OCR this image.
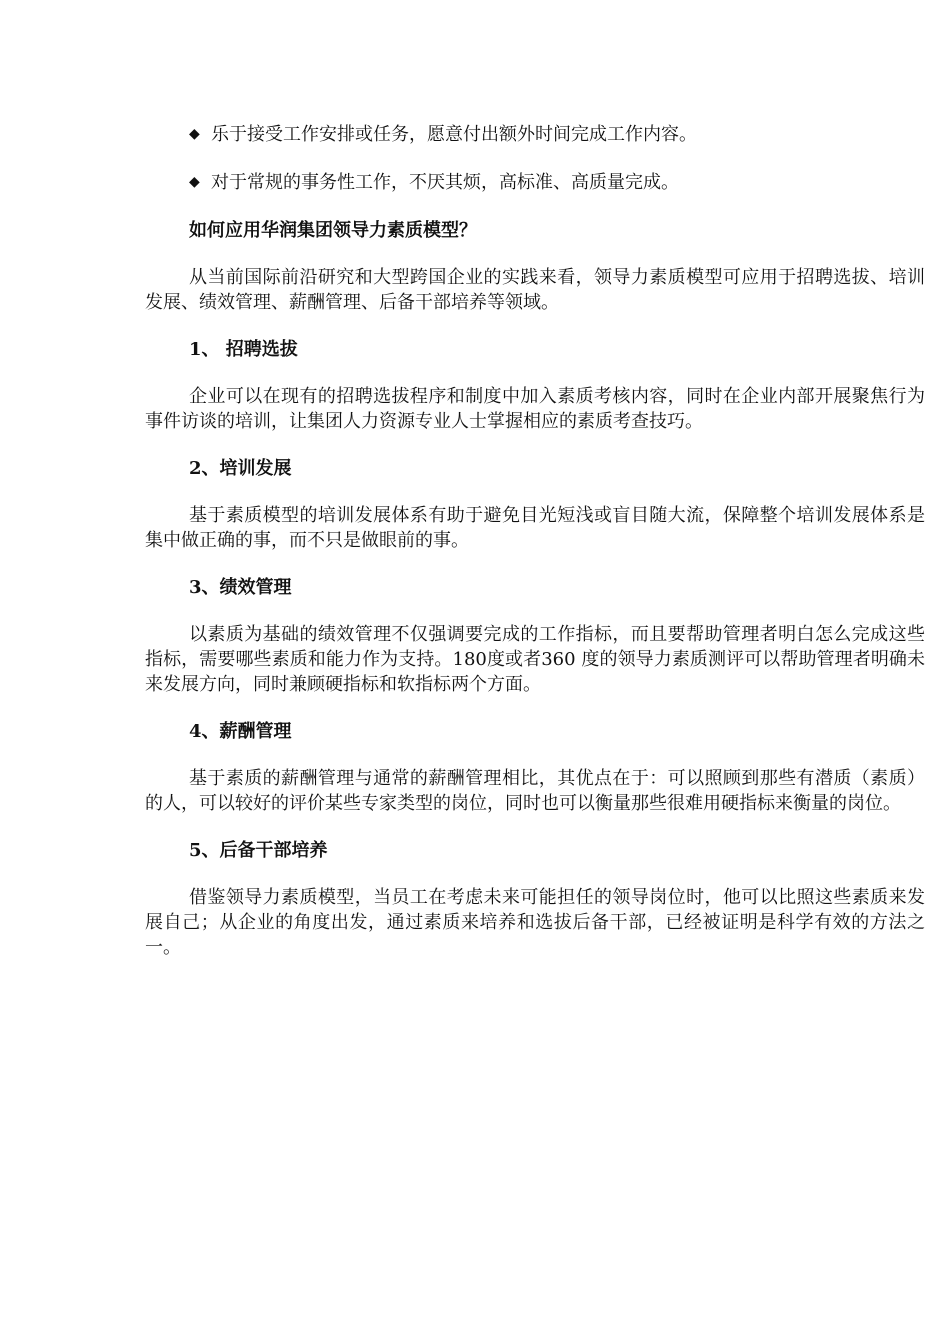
◆ 乐于接受工作安排或任务，愿意付出额外时间完成工作内容。
◆ 对于常规的事务性工作，不厌其烦，高标准、高质量完成。
如何应用华润集团领导力素质模型？
从当前国际前沿研究和大型跨国企业的实践来看，领导力素质模型可应用于招聘选拔、培训发展、绩效管理、薪酬管理、后备干部培养等领域。
1、 招聘选拔
企业可以在现有的招聘选拔程序和制度中加入素质考核内容，同时在企业内部开展聚焦行为事件访谈的培训，让集团人力资源专业人士掌握相应的素质考查技巧。
2、培训发展
基于素质模型的培训发展体系有助于避免目光短浅或盲目随大流，保障整个培训发展体系是集中做正确的事，而不只是做眼前的事。
3、绩效管理
以素质为基础的绩效管理不仅强调要完成的工作指标，而且要帮助管理者明白怎么完成这些指标，需要哪些素质和能力作为支持。180度或者360 度的领导力素质测评可以帮助管理者明确未来发展方向，同时兼顾硬指标和软指标两个方面。
4、薪酬管理
基于素质的薪酬管理与通常的薪酬管理相比，其优点在于：可以照顾到那些有潜质（素质）的人，可以较好的评价某些专家类型的岗位，同时也可以衡量那些很难用硬指标来衡量的岗位。
5、后备干部培养
借鉴领导力素质模型，当员工在考虑未来可能担任的领导岗位时，他可以比照这些素质来发展自己；从企业的角度出发，通过素质来培养和选拔后备干部，已经被证明是科学有效的方法之一。
